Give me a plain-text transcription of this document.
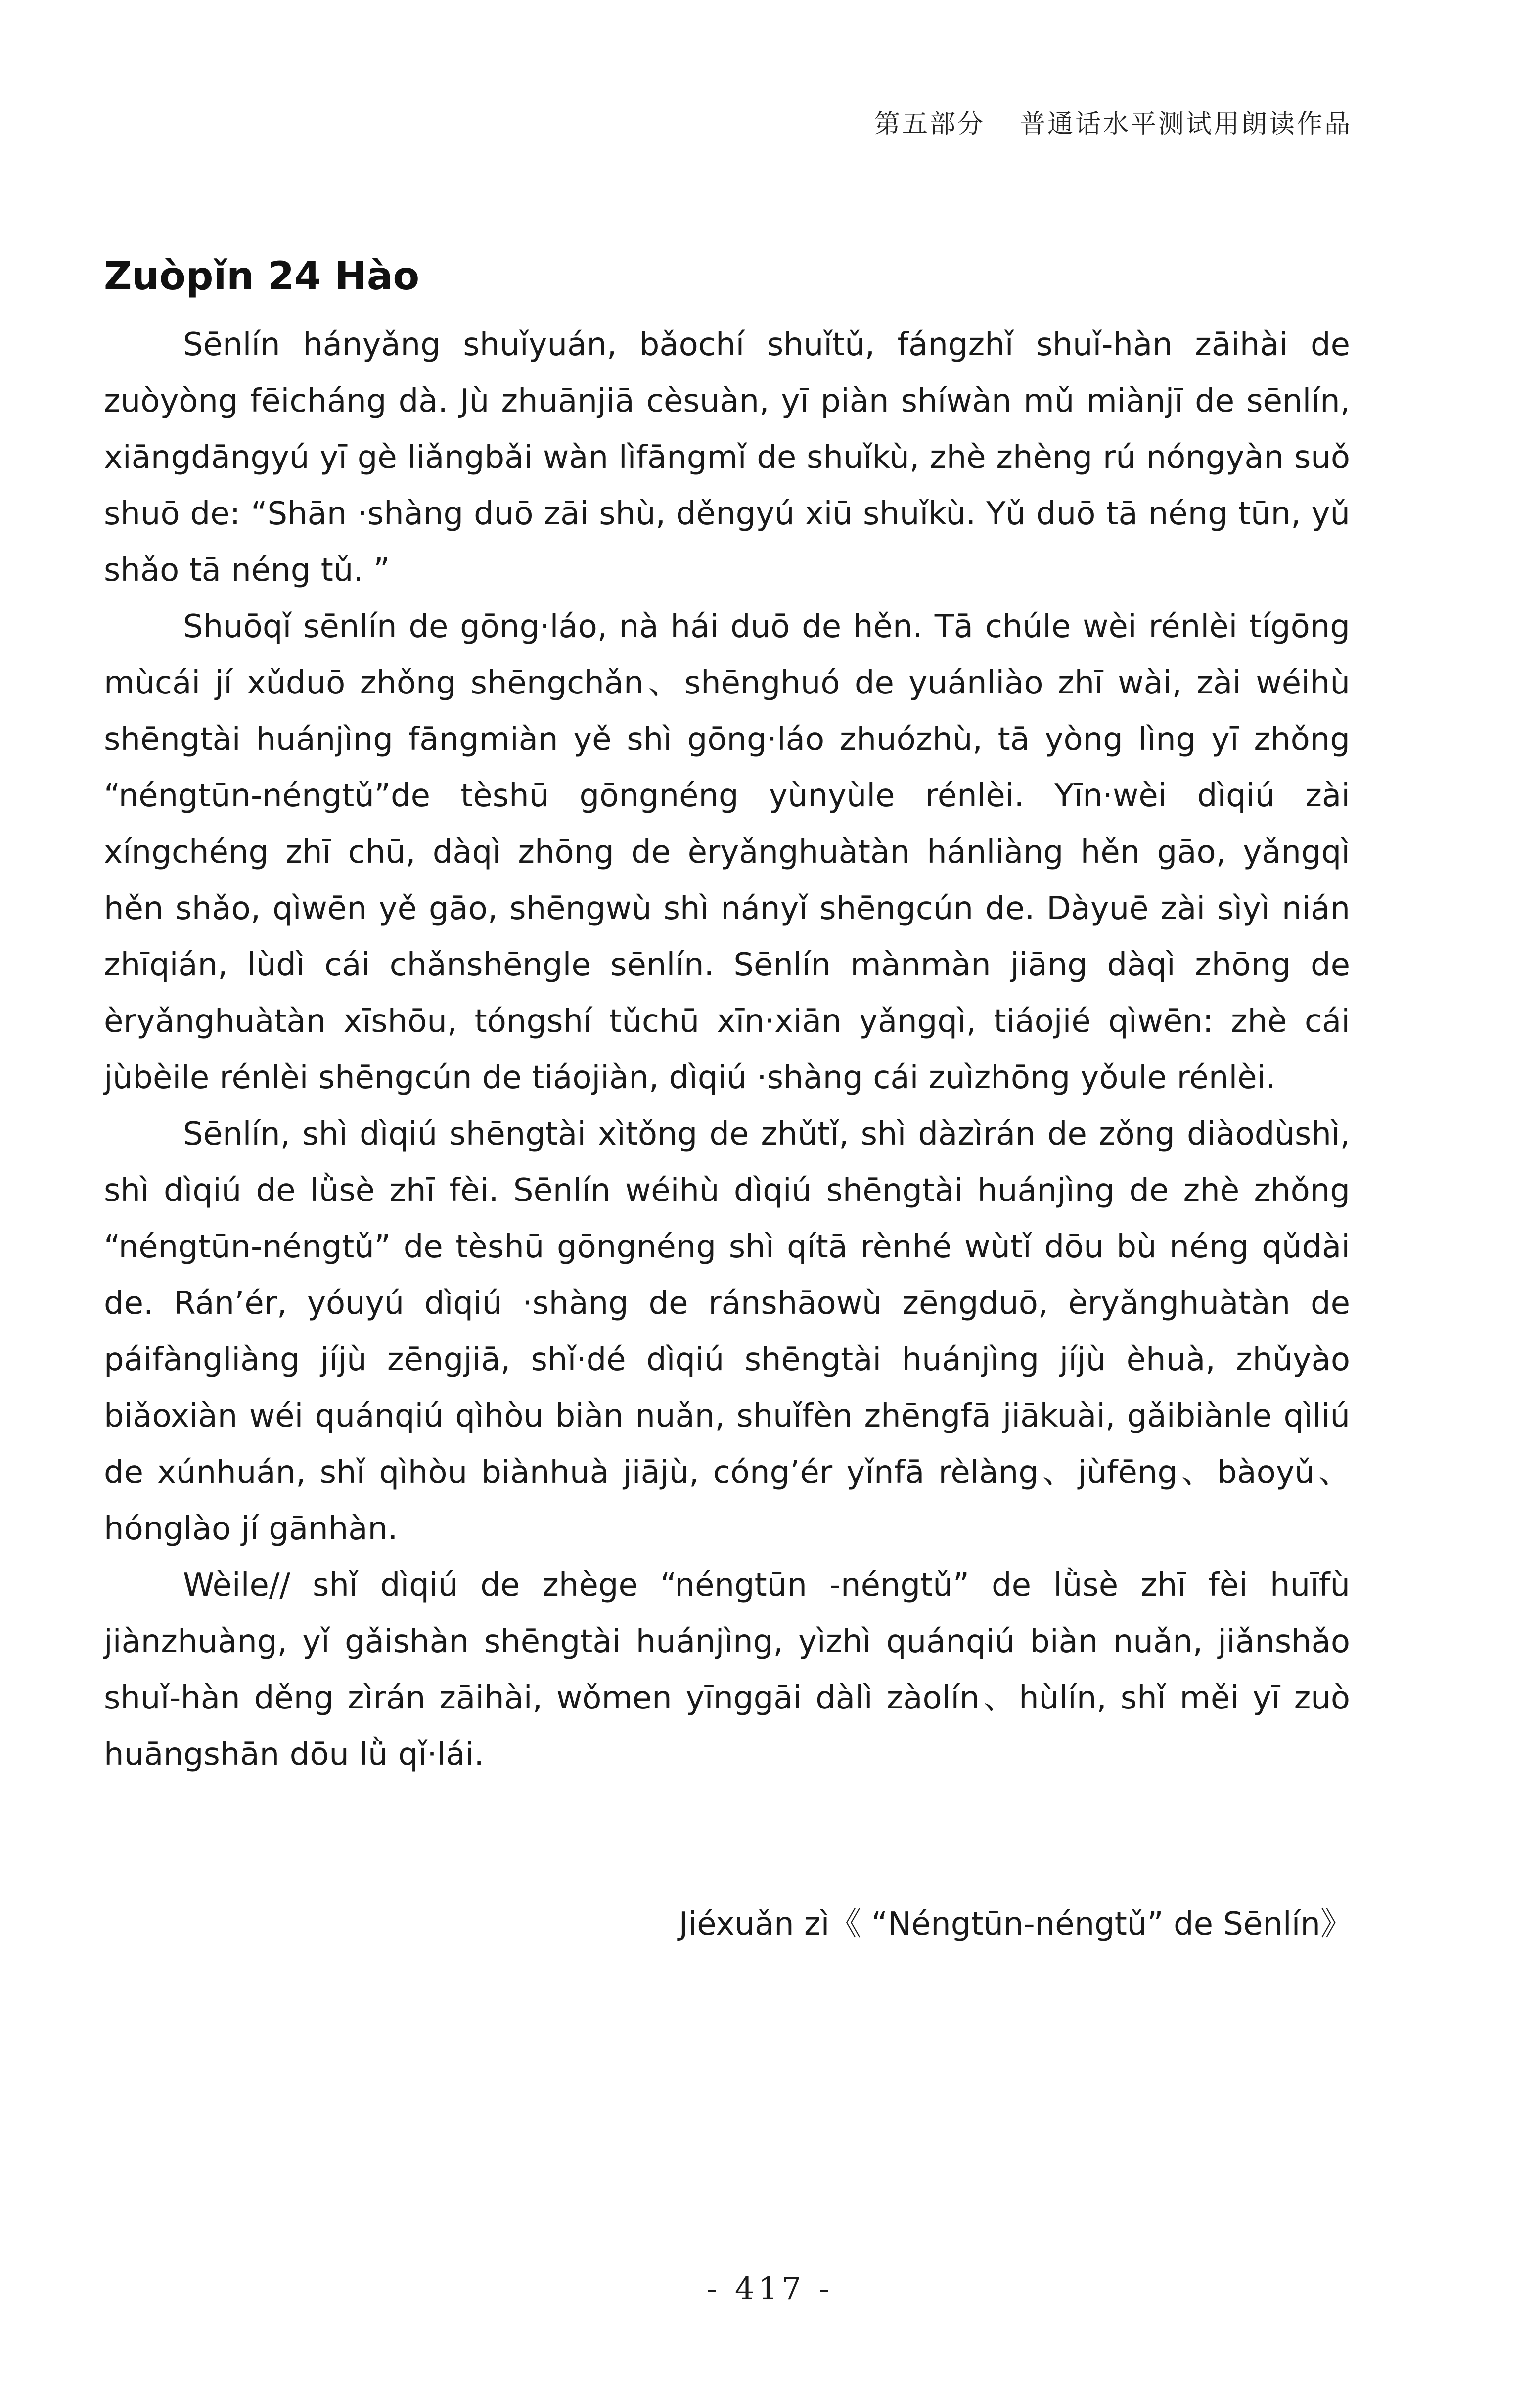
第五部分 普通话水平测试用朗读作品
Zuòpǐn 24 Hào

Sēnlín hányǎng shuǐyuán, bǎochí shuǐtǔ, fángzhǐ shuǐ-hàn zāihài de zuòyòng fēicháng dà. Jù zhuānjiā cèsuàn, yī piàn shíwàn mǔ miànjī de sēnlín, xiāngdāngyú yī gè liǎngbǎi wàn lìfāngmǐ de shuǐkù, zhè zhèng rú nóngyàn suǒ shuō de: “Shān ·shàng duō zāi shù, děngyú xiū shuǐkù. Yǔ duō tā néng tūn, yǔ shǎo tā néng tǔ. ”

Shuōqǐ sēnlín de gōng·láo, nà hái duō de hěn. Tā chúle wèi rénlèi tígōng mùcái jí xǔduō zhǒng shēngchǎn、shēnghuó de yuánliào zhī wài, zài wéihù shēngtài huánjìng fāngmiàn yě shì gōng·láo zhuózhù, tā yòng lìng yī zhǒng “néngtūn-néngtǔ”de tèshū gōngnéng yùnyùle rénlèi. Yīn·wèi dìqiú zài xíngchéng zhī chū, dàqì zhōng de èryǎnghuàtàn hánliàng hěn gāo, yǎngqì hěn shǎo, qìwēn yě gāo, shēngwù shì nányǐ shēngcún de. Dàyuē zài sìyì nián zhīqián, lùdì cái chǎnshēngle sēnlín. Sēnlín mànmàn jiāng dàqì zhōng de èryǎnghuàtàn xīshōu, tóngshí tǔchū xīn·xiān yǎngqì, tiáojié qìwēn: zhè cái jùbèile rénlèi shēngcún de tiáojiàn, dìqiú ·shàng cái zuìzhōng yǒule rénlèi.

Sēnlín, shì dìqiú shēngtài xìtǒng de zhǔtǐ, shì dàzìrán de zǒng diàodùshì, shì dìqiú de lǜsè zhī fèi. Sēnlín wéihù dìqiú shēngtài huánjìng de zhè zhǒng “néngtūn-néngtǔ” de tèshū gōngnéng shì qítā rènhé wùtǐ dōu bù néng qǔdài de. Rán’ér, yóuyú dìqiú ·shàng de ránshāowù zēngduō, èryǎnghuàtàn de páifàngliàng jíjù zēngjiā, shǐ·dé dìqiú shēngtài huánjìng jíjù èhuà, zhǔyào biǎoxiàn wéi quánqiú qìhòu biàn nuǎn, shuǐfèn zhēngfā jiākuài, gǎibiànle qìliú de xúnhuán, shǐ qìhòu biànhuà jiājù, cóng’ér yǐnfā rèlàng、jùfēng、bàoyǔ、hónglào jí gānhàn.

Wèile// shǐ dìqiú de zhège “néngtūn -néngtǔ” de lǜsè zhī fèi huīfù jiànzhuàng, yǐ gǎishàn shēngtài huánjìng, yìzhì quánqiú biàn nuǎn, jiǎnshǎo shuǐ-hàn děng zìrán zāihài, wǒmen yīnggāi dàlì zàolín、hùlín, shǐ měi yī zuò huāngshān dōu lǜ qǐ·lái.

Jiéxuǎn zì《 “Néngtūn-néngtǔ” de Sēnlín》
- 417 -
